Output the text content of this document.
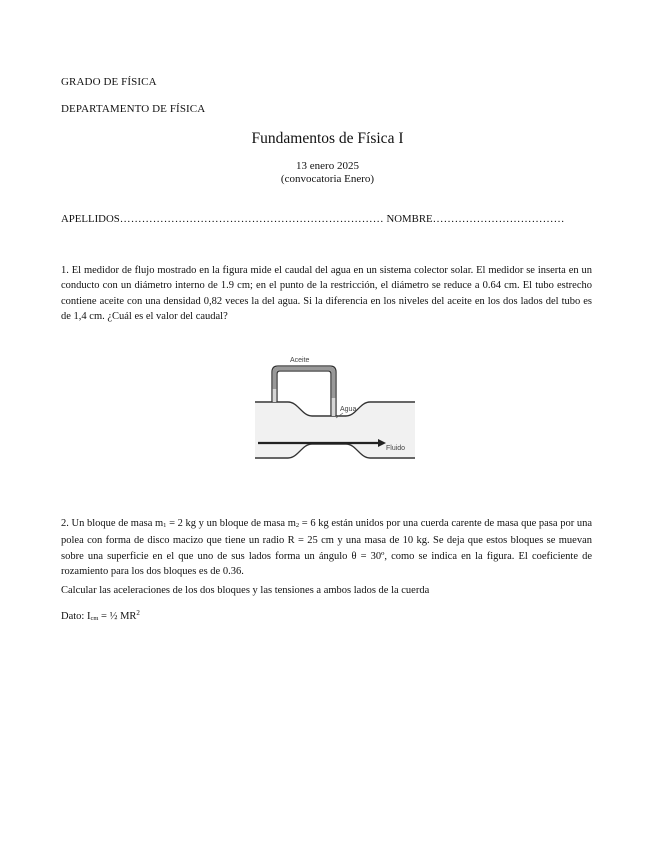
GRADO DE FÍSICA
DEPARTAMENTO DE FÍSICA
Fundamentos de Física I
13 enero 2025
(convocatoria Enero)
APELLIDOS……………………………………………………………… NOMBRE………………………………
1. El medidor de flujo mostrado en la figura mide el caudal del agua en un sistema colector solar. El medidor se inserta en un conducto con un diámetro interno de 1.9 cm; en el punto de la restricción, el diámetro se reduce a 0.64 cm. El tubo estrecho contiene aceite con una densidad 0,82 veces la del agua. Si la diferencia en los niveles del aceite en los dos lados del tubo es de 1,4 cm. ¿Cuál es el valor del caudal?
Aceite
Agua
Fluido
2. Un bloque de masa $m_1 = 2$ kg y un bloque de masa $m_2 = 6$ kg están unidos por una cuerda carente de masa que pasa por una polea con forma de disco macizo que tiene un radio R = 25 cm y una masa de 10 kg. Se deja que estos bloques se muevan sobre una superficie en el que uno de sus lados forma un ángulo θ = 30º, como se indica en la figura. El coeficiente de rozamiento para los dos bloques es de 0.36.
Calcular las aceleraciones de los dos bloques y las tensiones a ambos lados de la cuerda
Dato: $I_{cm}$ = ½ $MR^2$
